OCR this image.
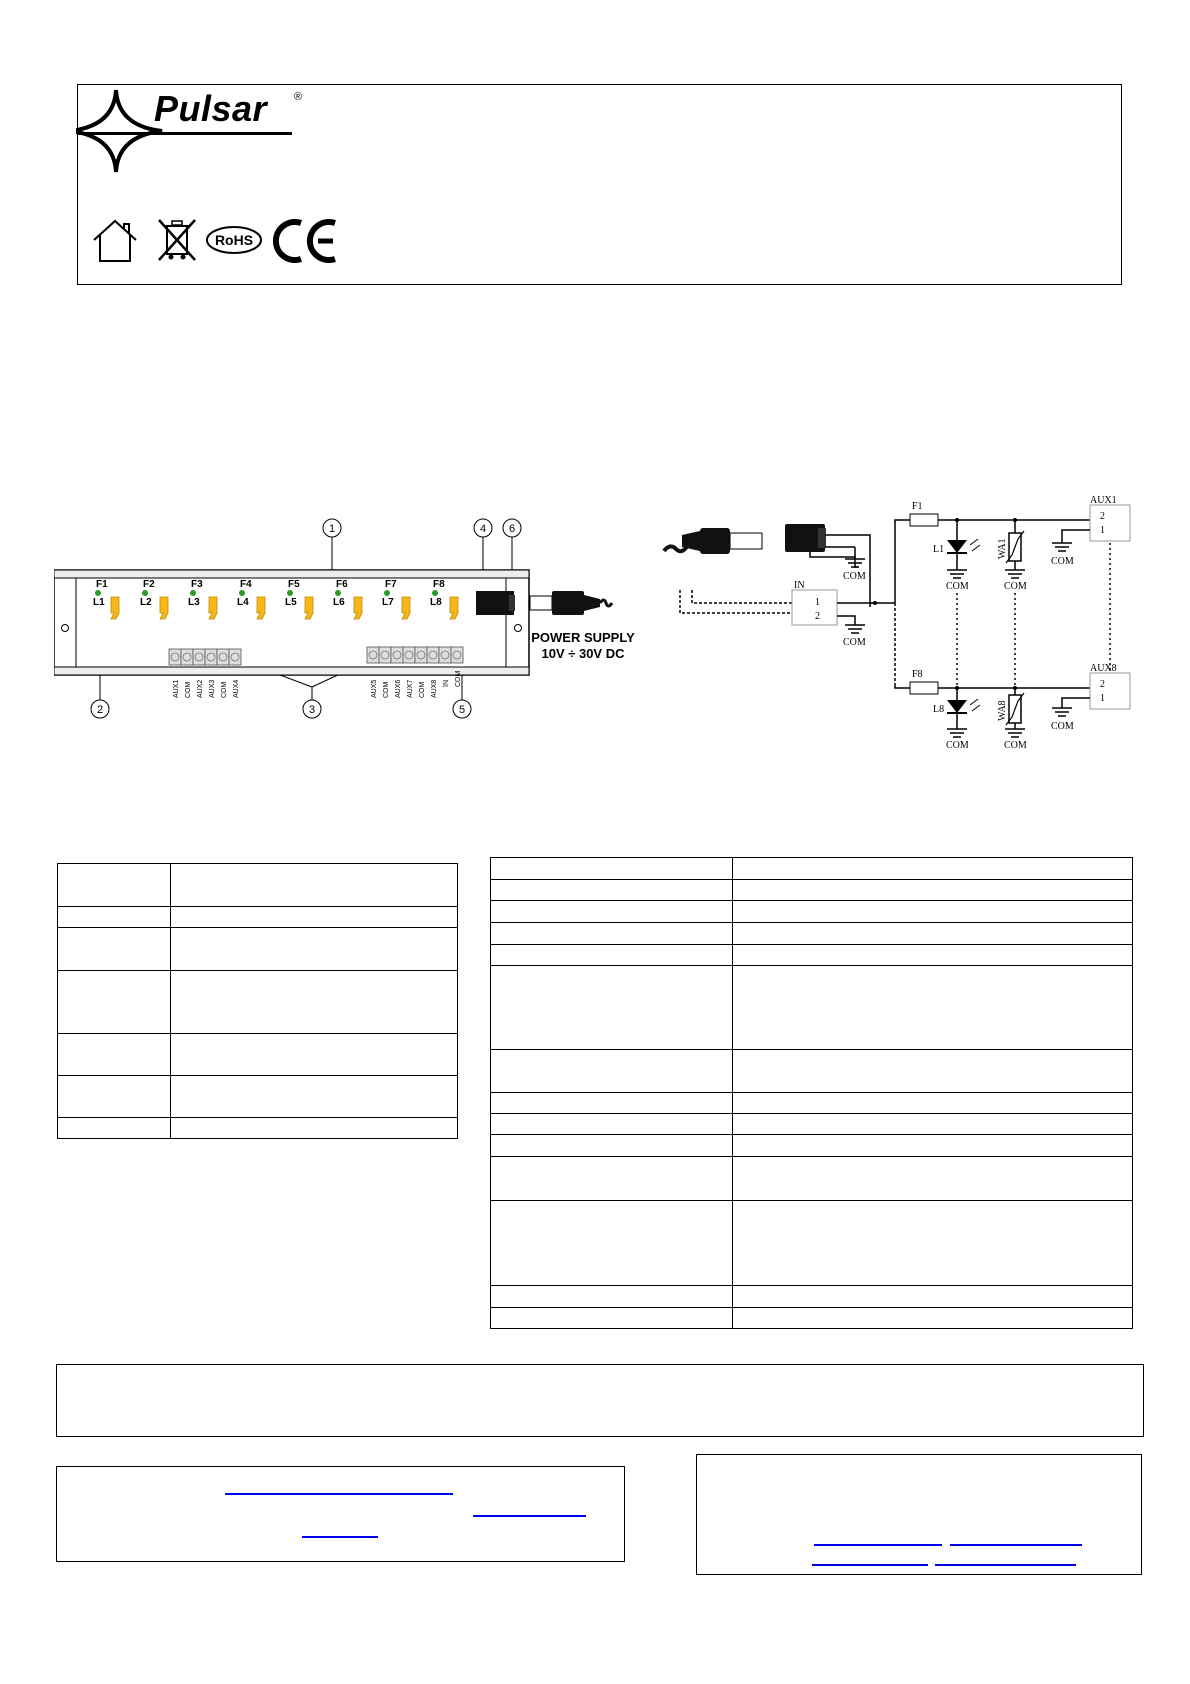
Pulsar ®
RoHS
F1	F2	F3	F4	F5	F6	F7	F8
L1	L2	L3	L4	L5	L6	L7	L8
AUX1 COM AUX2 AUX3 COM AUX4	AUX5 COM AUX6 AUX7 COM AUX8 IN COM
1
2	3
4
5
6
POWER SUPPLY
10V ÷ 30V DC
COM
IN
1
2
COM
F1
AUX1
2
1
COM
L1
COM
WA1
COM
F8
AUX8
2
1
COM
L8
COM
WA8
COM
